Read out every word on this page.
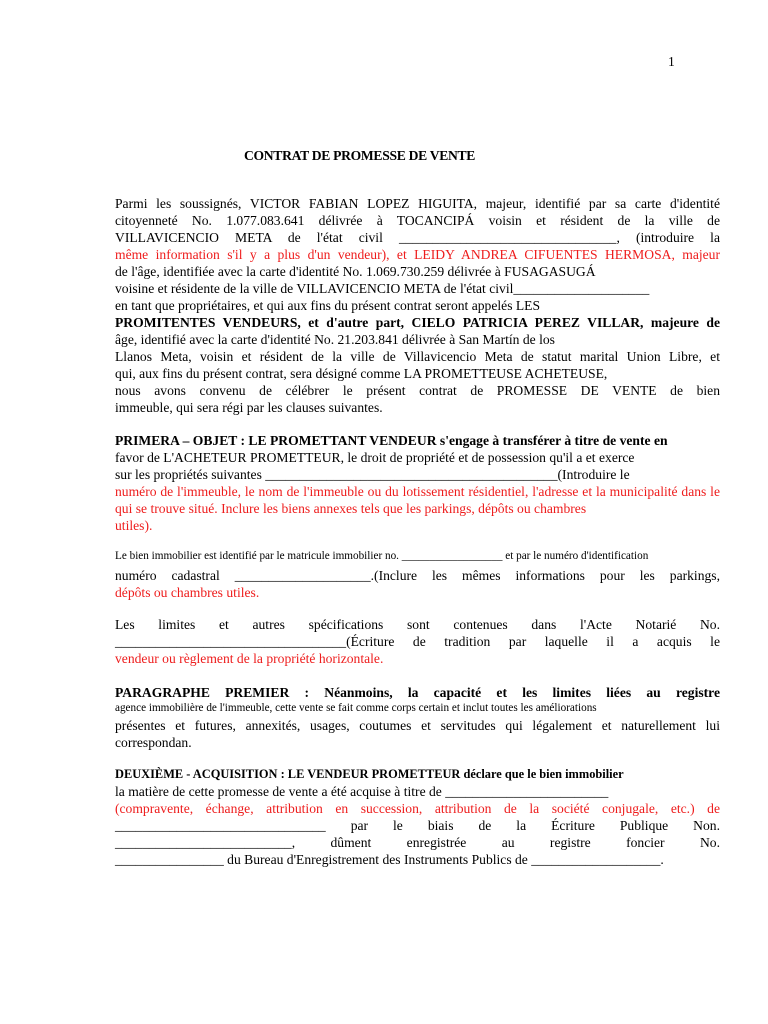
1
CONTRAT DE PROMESSE DE VENTE
Parmi les soussignés, VICTOR FABIAN LOPEZ HIGUITA, majeur, identifié par sa carte d'identité
citoyenneté No. 1.077.083.641 délivrée à TOCANCIPÁ voisin et résident de la ville de
VILLAVICENCIO META de l'état civil ________________________________, (introduire la
même information s'il y a plus d'un vendeur), et LEIDY ANDREA CIFUENTES HERMOSA, majeur
de l'âge, identifiée avec la carte d'identité No. 1.069.730.259 délivrée à FUSAGASUGÁ
voisine et résidente de la ville de VILLAVICENCIO META de l'état civil____________________
en tant que propriétaires, et qui aux fins du présent contrat seront appelés LES
PROMITENTES VENDEURS, et d'autre part, CIELO PATRICIA PEREZ VILLAR, majeure de
âge, identifié avec la carte d'identité No. 21.203.841 délivrée à San Martín de los
Llanos Meta, voisin et résident de la ville de Villavicencio Meta de statut marital Union Libre, et
qui, aux fins du présent contrat, sera désigné comme LA PROMETTEUSE ACHETEUSE,
nous avons convenu de célébrer le présent contrat de PROMESSE DE VENTE de bien
immeuble, qui sera régi par les clauses suivantes.
PRIMERA – OBJET : LE PROMETTANT VENDEUR s'engage à transférer à titre de vente en
favor de L'ACHETEUR PROMETTEUR, le droit de propriété et de possession qu'il a et exerce
sur les propriétés suivantes ___________________________________________(Introduire le
numéro de l'immeuble, le nom de l'immeuble ou du lotissement résidentiel, l'adresse et la municipalité dans le
qui se trouve situé. Inclure les biens annexes tels que les parkings, dépôts ou chambres
utiles).
Le bien immobilier est identifié par le matricule immobilier no. __________________ et par le numéro d'identification
numéro cadastral ____________________.(Inclure les mêmes informations pour les parkings,
dépôts ou chambres utiles.
Les limites et autres spécifications sont contenues dans l'Acte Notarié No.
__________________________________(Écriture de tradition par laquelle il a acquis le
vendeur ou règlement de la propriété horizontale.
PARAGRAPHE PREMIER : Néanmoins, la capacité et les limites liées au registre
agence immobilière de l'immeuble, cette vente se fait comme corps certain et inclut toutes les améliorations
présentes et futures, annexités, usages, coutumes et servitudes qui légalement et naturellement lui
correspondan.
DEUXIÈME - ACQUISITION : LE VENDEUR PROMETTEUR déclare que le bien immobilier
la matière de cette promesse de vente a été acquise à titre de ________________________
(compravente, échange, attribution en succession, attribution de la société conjugale, etc.) de
_______________________________ par le biais de la Écriture Publique Non.
__________________________, dûment enregistrée au registre foncier No.
________________ du Bureau d'Enregistrement des Instruments Publics de ___________________.
